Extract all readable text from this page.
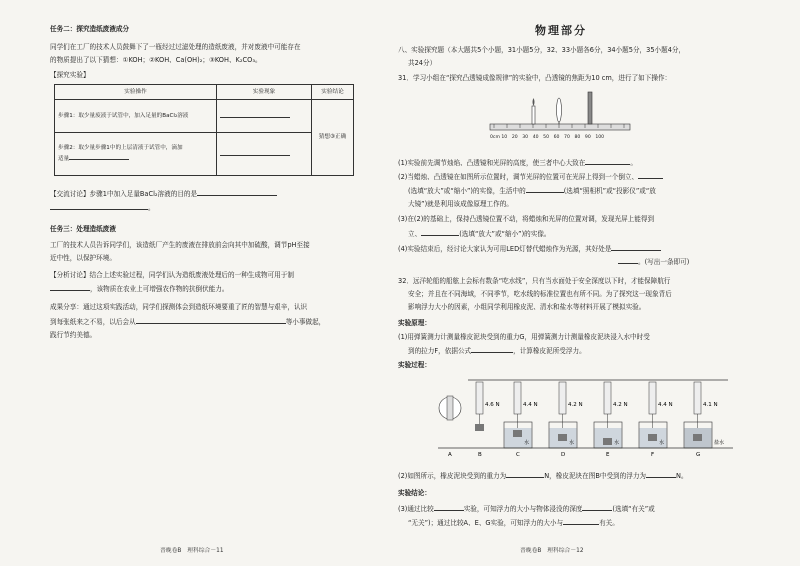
任务二：探究造纸废液成分

同学们在工厂的技术人员鼓舞下了一瓶经过过滤处理的造纸废液，并对废液中可能存在

的物质提出了以下猜想：①KOH；②KOH、Ca(OH)₂；③KOH、K₂CO₃。

【探究实验】

实验操作	实验现象	实验结论
步骤1：取少量废液于试管中，加入足量的BaCl₂溶液		猜想③正确
步骤2：取少量步骤1中的上层清液于试管中，滴加
适量		

【交流讨论】步骤1中加入足量BaCl₂溶液的目的是

。

任务三：处理造纸废液

工厂的技术人员告诉同学们，该造纸厂产生的废液在排放前会向其中加硫酸，调节pH至接

近中性，以保护环境。

【分析讨论】结合上述实验过程，同学们认为造纸废液处理后的一种生成物可用于制

，该物质在农业上可增强农作物的抗倒伏能力。

成果分享：通过这项实践活动，同学们探测体会到造纸环境要重了匠的智慧与艰辛，认识

到每张纸来之不易，以后会从	等小事做起，

践行节约美德。

晋晚卷B　理科综合－11
物理部分

八、实验探究题（本大题共5个小题，31小题5分，32、33小题各6分，34小题5分，35小题4分，

共24分）

31．学习小组在“探究凸透镜成像规律”的实验中，凸透镜的焦距为10 cm，进行了如下操作：

0cm 10　20　30　40　50　60　70　80　90　100

(1)实验前先调节烛焰、凸透镜和光屏的高度，使三者中心大致在	。

(2)当蜡烛、凸透镜在如图所示位置时，调节光屏的位置可在光屏上得到一个倒立、

(选填“放大”或“缩小”)的实像，生活中的	(选填“照相机”或“投影仪”或“放

大镜”)就是利用该成像原理工作的。

(3)在(2)的基础上，保持凸透镜位置不动，将蜡烛和光屏的位置对调，发现光屏上能得到

立、	(选填“放大”或“缩小”)的实像。

(4)实验结束后，经讨论大家认为可用LED灯替代蜡烛作为光源，其好处是

。(写出一条即可)

32．远洋轮船的船舷上会标有数条“吃水线”，只有当水面处于安全深度以下时，才能保障航行

安全；并且在不同海域，不同季节，吃水线的标准位置也有所不同。为了探究这一现象背后

影响浮力大小的因素，小组同学利用橡皮泥、清水和盐水等材料开展了模拟实验。

实验原理：

(1)用弹簧测力计测量橡皮泥块受到的重力G，用弹簧测力计测量橡皮泥块浸入水中时受

到的拉力F，依据公式	，计算橡皮泥所受浮力。

实验过程：

4.6 N	4.4 N	4.2 N	4.2 N	4.4 N	4.1 N
水	水	水	水	盐水
A	B	C	D	E	F	G

(2)如图所示，橡皮泥块受到的重力为	N，橡皮泥块在图B中受到的浮力为	N。

实验结论：

(3)通过比较	实验，可知浮力的大小与物体浸没的深度	(选填“有关”或

“无关”)；通过比较A、E、G实验，可知浮力的大小与	有关。

晋晚卷B　理科综合－12
